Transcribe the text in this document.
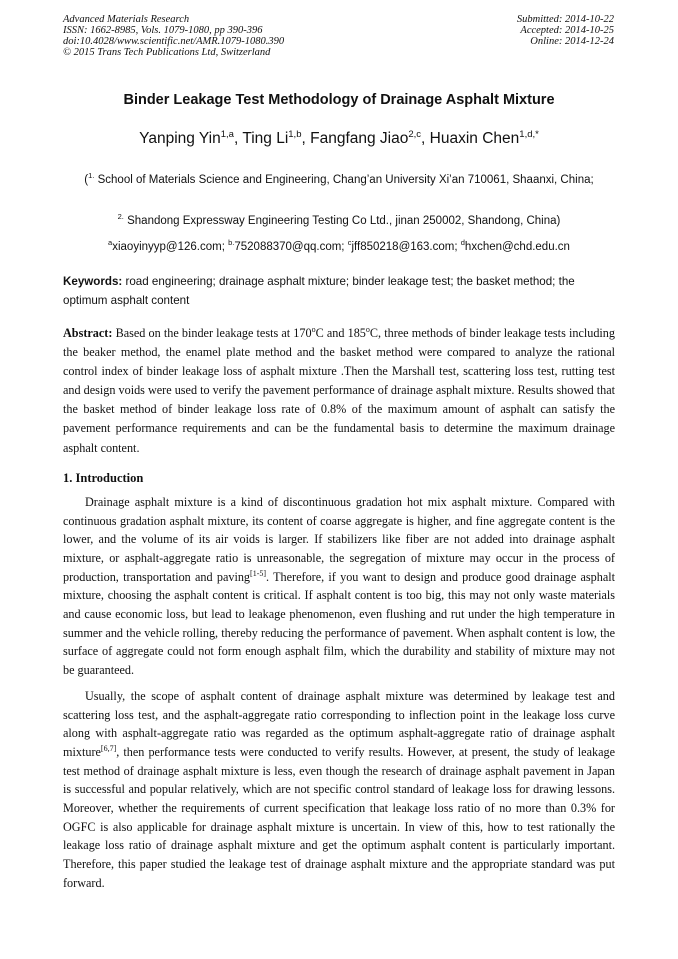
Advanced Materials Research
ISSN: 1662-8985, Vols. 1079-1080, pp 390-396
doi:10.4028/www.scientific.net/AMR.1079-1080.390
© 2015 Trans Tech Publications Ltd, Switzerland
Submitted: 2014-10-22
Accepted: 2014-10-25
Online: 2014-12-24
Binder Leakage Test Methodology of Drainage Asphalt Mixture
Yanping Yin$^{1,a}$, Ting Li$^{1,b}$, Fangfang Jiao$^{2,c}$, Huaxin Chen$^{1,d,*}$
($^{1.}$ School of Materials Science and Engineering, Chang’an University Xi’an 710061, Shaanxi, China;
$^{2.}$ Shandong Expressway Engineering Testing Co Ltd., jinan 250002, Shandong, China)
$^a$xiaoyinyyp@126.com; $^{b.}$752088370@qq.com; $^c$jff850218@163.com; $^d$hxchen@chd.edu.cn
Keywords: road engineering; drainage asphalt mixture; binder leakage test; the basket method; the optimum asphalt content
Abstract: Based on the binder leakage tests at 170$^o$C and 185$^o$C, three methods of binder leakage tests including the beaker method, the enamel plate method and the basket method were compared to analyze the rational control index of binder leakage loss of asphalt mixture .Then the Marshall test, scattering loss test, rutting test and design voids were used to verify the pavement performance of drainage asphalt mixture. Results showed that the basket method of binder leakage loss rate of 0.8% of the maximum amount of asphalt can satisfy the pavement performance requirements and can be the fundamental basis to determine the maximum drainage asphalt content.
1. Introduction

Drainage asphalt mixture is a kind of discontinuous gradation hot mix asphalt mixture. Compared with continuous gradation asphalt mixture, its content of coarse aggregate is higher, and fine aggregate content is the lower, and the volume of its air voids is larger. If stabilizers like fiber are not added into drainage asphalt mixture, or asphalt-aggregate ratio is unreasonable, the segregation of mixture may occur in the process of production, transportation and paving[1-5]. Therefore, if you want to design and produce good drainage asphalt mixture, choosing the asphalt content is critical. If asphalt content is too big, this may not only waste materials and cause economic loss, but lead to leakage phenomenon, even flushing and rut under the high temperature in summer and the vehicle rolling, thereby reducing the performance of pavement. When asphalt content is low, the surface of aggregate could not form enough asphalt film, which the durability and stability of mixture may not be guaranteed.

Usually, the scope of asphalt content of drainage asphalt mixture was determined by leakage test and scattering loss test, and the asphalt-aggregate ratio corresponding to inflection point in the leakage loss curve along with asphalt-aggregate ratio was regarded as the optimum asphalt-aggregate ratio of drainage asphalt mixture[6,7], then performance tests were conducted to verify results. However, at present, the study of leakage test method of drainage asphalt mixture is less, even though the research of drainage asphalt pavement in Japan is successful and popular relatively, which are not specific control standard of leakage loss for drawing lessons. Moreover, whether the requirements of current specification that leakage loss ratio of no more than 0.3% for OGFC is also applicable for drainage asphalt mixture is uncertain. In view of this, how to test rationally the leakage loss ratio of drainage asphalt mixture and get the optimum asphalt content is particularly important. Therefore, this paper studied the leakage test of drainage asphalt mixture and the appropriate standard was put forward.
